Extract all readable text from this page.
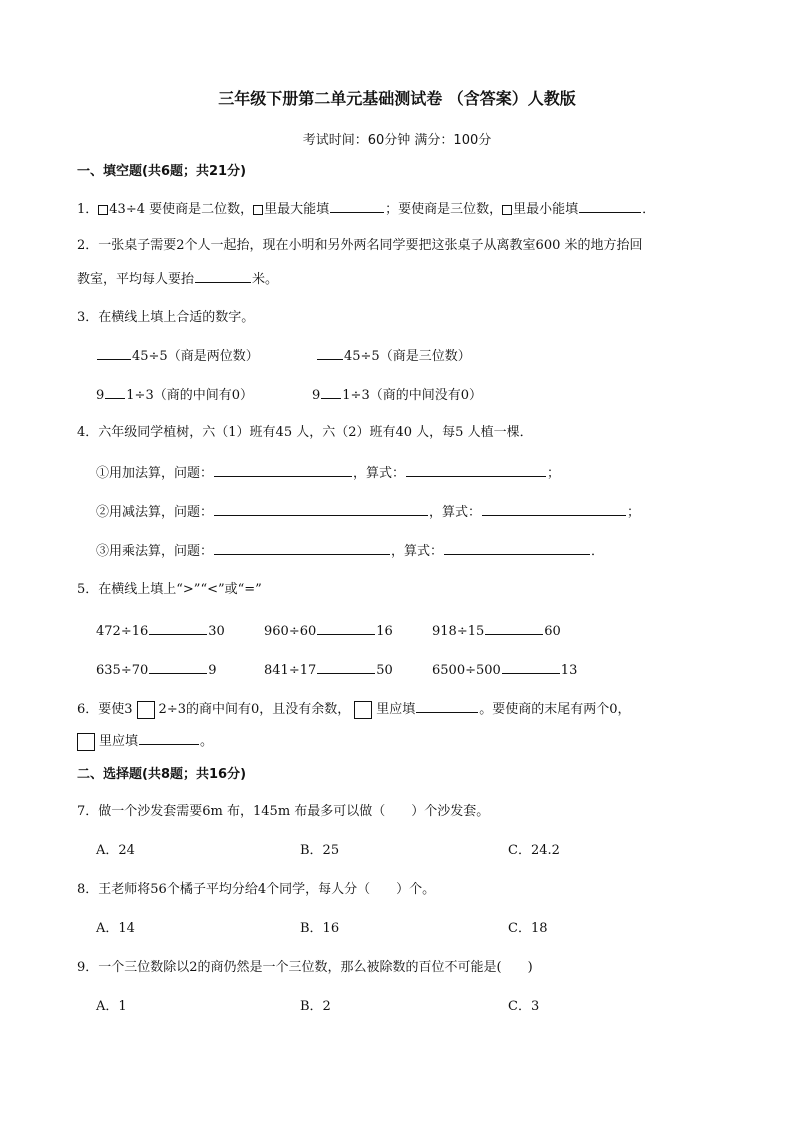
三年级下册第二单元基础测试卷 （含答案）人教版
考试时间：60分钟 满分：100分
一、填空题(共6题；共21分)
1． 43÷4 要使商是二位数， 里最大能填	；要使商是三位数， 里最小能填	．
2．一张桌子需要2个人一起抬，现在小明和另外两名同学要把这张桌子从离教室600 米的地方抬回
教室，平均每人要抬	米。
3．在横线上填上合适的数字。
45÷5（商是两位数）	45÷5（商是三位数）
9 1÷3（商的中间有0）	9 1÷3（商的中间没有0）
4．六年级同学植树，六（1）班有45 人，六（2）班有40 人，每5 人植一棵．
①用加法算，问题：	，算式：	；
②用减法算，问题：	，算式：	；
③用乘法算，问题：	，算式：	．
5．在横线上填上“>”“<”或“=”
472÷16	30	960÷60	16	918÷15	60
635÷70	9	841÷17	50	6500÷500	13
6．要使3 2÷3的商中间有0，且没有余数， 里应填	。要使商的末尾有两个0，
里应填	。
二、选择题(共8题；共16分)
7．做一个沙发套需要6m 布，145m 布最多可以做（　　）个沙发套。
A．24	B．25	C．24.2
8．王老师将56个橘子平均分给4个同学，每人分（　　）个。
A．14	B．16	C．18
9．一个三位数除以2的商仍然是一个三位数，那么被除数的百位不可能是(　　)
A．1	B．2	C．3
